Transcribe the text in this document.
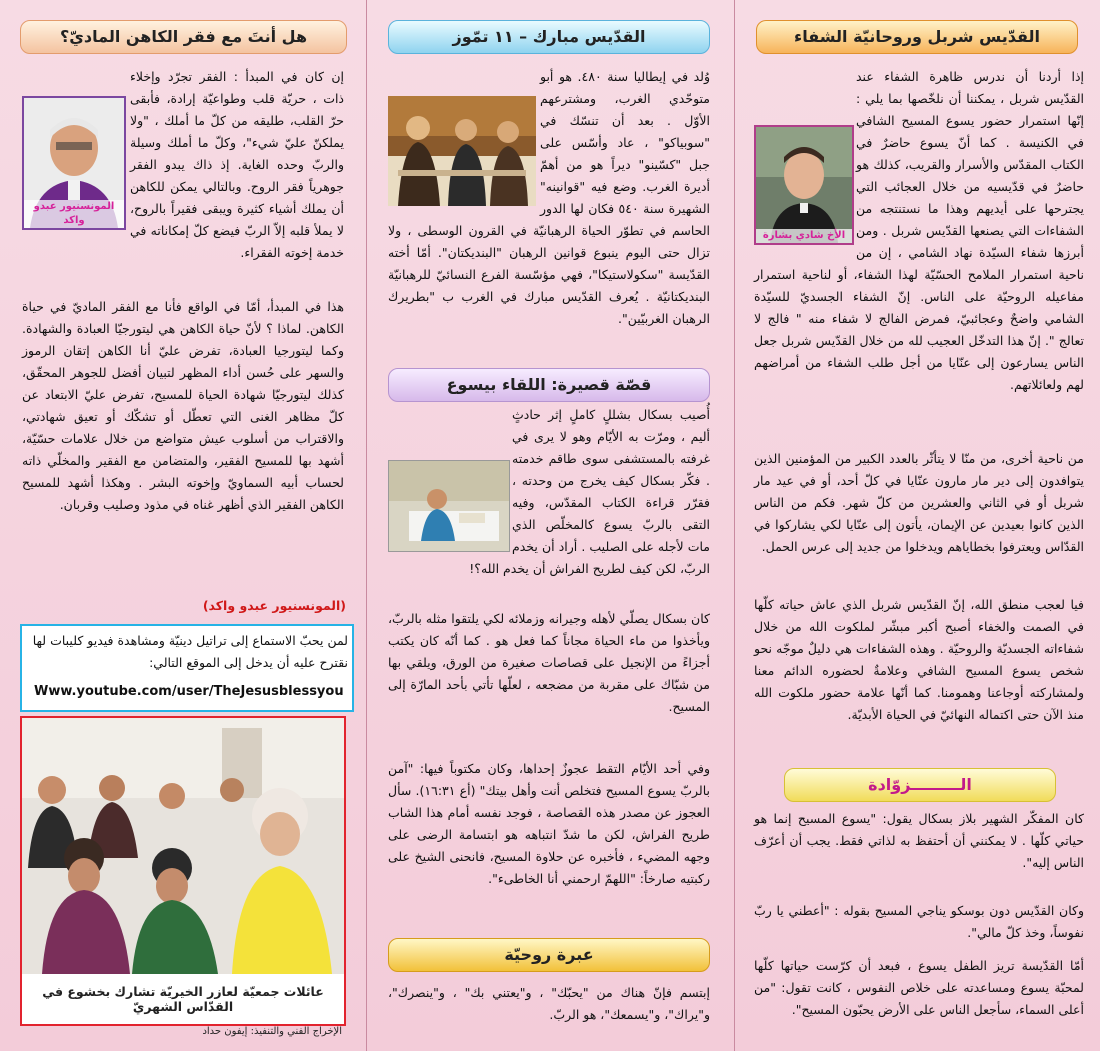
القدّيس شربل وروحانيّة الشفاء
الأخ شادي بشارة
إذا أردنا أن ندرس ظاهرة الشفاء عند القدّيس شربل ، يمكننا أن نلخّصها بما يلي : إنّها استمرار حضور يسوع المسيح الشافي في الكنيسة . كما أنّ يسوع حاضرٌ في الكتاب المقدّس والأسرار والقريب، كذلك هو حاضرٌ في قدّيسيه من خلال العجائب التي يجترحها على أيديهم وهذا ما نستنتجه من الشفاءات التي يصنعها القدّيس شربل . ومن أبرزها شفاء السيّدة نهاد الشامي ، إن من ناحية استمرار الملامح الحسّيّة لهذا الشفاء، أو لناحية استمرار مفاعيله الروحيّة على الناس. إنّ الشفاء الجسديّ للسيّدة الشامي واضحٌ وعجائبيّ، فمرض الفالج لا شفاء منه " فالج لا تعالج ". إنّ هذا التدخّل العجيب لله من خلال القدّيس شربل جعل الناس يسارعون إلى عنّايا من أجل طلب الشفاء من أمراضهم لهم ولعائلاتهم.
من ناحية أخرى، من منّا لا يتأثّر بالعدد الكبير من المؤمنين الذين يتوافدون إلى دير مار مارون عنّايا في كلّ أحد، أو في عيد مار شربل أو في الثاني والعشرين من كلّ شهر. فكم من الناس الذين كانوا بعيدين عن الإيمان، يأتون إلى عنّايا لكي يشاركوا في القدّاس ويعترفوا بخطاياهم ويدخلوا من جديد إلى عرس الحمل.
فيا لعجب منطق الله، إنّ القدّيس شربل الذي عاش حياته كلّها في الصمت والخفاء أصبح أكبر مبشّر لملكوت الله من خلال شفاءاته الجسديّة والروحيّة . وهذه الشفاءات هي دليلٌ موجّه نحو شخص يسوع المسيح الشافي وعلامةٌ لحضوره الدائم معنا ولمشاركته أوجاعنا وهمومنا. كما أنّها علامة حضور ملكوت الله منذ الآن حتى اكتماله النهائيّ في الحياة الأبديّة.
الـــــــــزوّادة
كان المفكّر الشهير بلاز بسكال يقول: "يسوع المسيح إنما هو حياتي كلّها . لا يمكنني أن أحتفظ به لذاتي فقط. يجب أن أعرّف الناس إليه".
وكان القدّيس دون بوسكو يناجي المسيح بقوله : "أعطني يا ربّ نفوساً، وخذ كلّ مالي".
أمّا القدّيسة تريز الطفل يسوع ، فبعد أن كرّست حياتها كلّها لمحبّة يسوع ومساعدته على خلاص النفوس ، كانت تقول: "من أعلى السماء، سأجعل الناس على الأرض يحبّون المسيح".
القدّيس مبارك – ١١ تمّوز
وُلد في إيطاليا سنة ٤٨٠. هو أبو متوحّدي الغرب، ومشترعهم الأوّل . بعد أن تنسّك في "سوبياكو" ، عاد وأسّس على جبل "كسّينو" ديراً هو من أهمّ أديرة الغرب. وضع فيه "قوانينه" الشهيرة سنة ٥٤٠ فكان لها الدور الحاسم في تطوّر الحياة الرهبانيّة في القرون الوسطى ، ولا تزال حتى اليوم ينبوع قوانين الرهبان "البنديكتان". أمّا أخته القدّيسة "سكولاستيكا"، فهي مؤسّسة الفرع النسائيّ للرهبانيّة البنديكتانيّة . يُعرف القدّيس مبارك في الغرب ب "بطريرك الرهبان الغربيّين".
قصّة قصيرة: اللقاء بيسوع
أُصيب بسكال بشللٍ كاملٍ إثر حادثٍ أليم ، ومرّت به الأيّام وهو لا يرى في غرفته بالمستشفى سوى طاقم خدمته . فكّر بسكال كيف يخرج من وحدته ، فقرّر قراءة الكتاب المقدّس، وفيه التقى بالربّ يسوع كالمخلّص الذي مات لأجله على الصليب . أراد أن يخدم الربّ، لكن كيف لطريح الفراش أن يخدم الله؟!
كان بسكال يصلّي لأهله وجيرانه وزملائه لكي يلتقوا مثله بالربّ، ويأخذوا من ماء الحياة مجاناً كما فعل هو . كما أنّه كان يكتب أجزاءً من الإنجيل على قصاصات صغيرة من الورق، ويلقي بها من شبّاك على مقربة من مضجعه ، لعلّها تأتي بأحد المارّة إلى المسيح.
وفي أحد الأيّام التقط عجوزٌ إحداها، وكان مكتوباً فيها: "آمن بالربّ يسوع المسيح فتخلص أنت وأهل بيتك" (أع ١٦:٣١). سأل العجوز عن مصدر هذه القصاصة ، فوجد نفسه أمام هذا الشاب طريح الفراش، لكن ما شدّ انتباهه هو ابتسامة الرضى على وجهه المضيء ، فأخبره عن حلاوة المسيح، فانحنى الشيخ على ركبتيه صارخاً: "اللهمّ ارحمني أنا الخاطىء".
عبرة روحيّة
إبتسم فإنّ هناك من "يحبّك" ، و"يعتني بك" ، و"ينصرك"، و"يراك"، و"يسمعك"، هو الربّ.
هل أنتَ مع فقر الكاهن الماديّ؟
المونسنيور عبدو واكد
إن كان في المبدأ : الفقر تجرّد وإخلاء ذات ، حريّة قلب وطواعيّة إرادة، فأبقى حرّ القلب، طليقه من كلّ ما أملك ، "ولا يملكنّ عليّ شيء"، وكلّ ما أملك وسيلة والربّ وحده الغاية. إذ ذاك يبدو الفقر جوهرياً فقر الروح. وبالتالي يمكن للكاهن أن يملك أشياء كثيرة ويبقى فقيراً بالروح، لا يملأ قلبه إلاّ الربّ فيضع كلّ إمكاناته في خدمة إخوته الفقراء.
هذا في المبدأ، أمّا في الواقع فأنا مع الفقر الماديّ في حياة الكاهن. لماذا ؟ لأنّ حياة الكاهن هي ليتورجيّا العبادة والشهادة. وكما ليتورجيا العبادة، تفرض عليّ أنا الكاهن إتقان الرموز والسهر على حُسن أداء المظهر لتبيان أفضل للجوهر المحقّق، كذلك ليتورجيّا شهادة الحياة للمسيح، تفرض عليّ الابتعاد عن كلّ مظاهر الغنى التي تعطّل أو تشكّك أو تعيق شهادتي، والاقتراب من أسلوب عيش متواضع من خلال علامات حسّيّة، أشهد بها للمسيح الفقير، والمتضامن مع الفقير والمخلّي ذاته لحساب أبيه السماويّ وإخوته البشر . وهكذا أشهد للمسيح الكاهن الفقير الذي أظهر غناه في مذود وصليب وقربان.
(المونسنيور عبدو واكد)
لمن يحبّ الاستماع إلى تراتيل دينيّة ومشاهدة فيديو كليبات لها نقترح عليه أن يدخل إلى الموقع التالي:
Www.youtube.com/user/TheJesusblessyou
عائلات جمعيّة لعازر الخيريّة تشارك بخشوع في القدّاس الشهريّ
الإخراج الفني والتنفيذ: إيفون حداد
